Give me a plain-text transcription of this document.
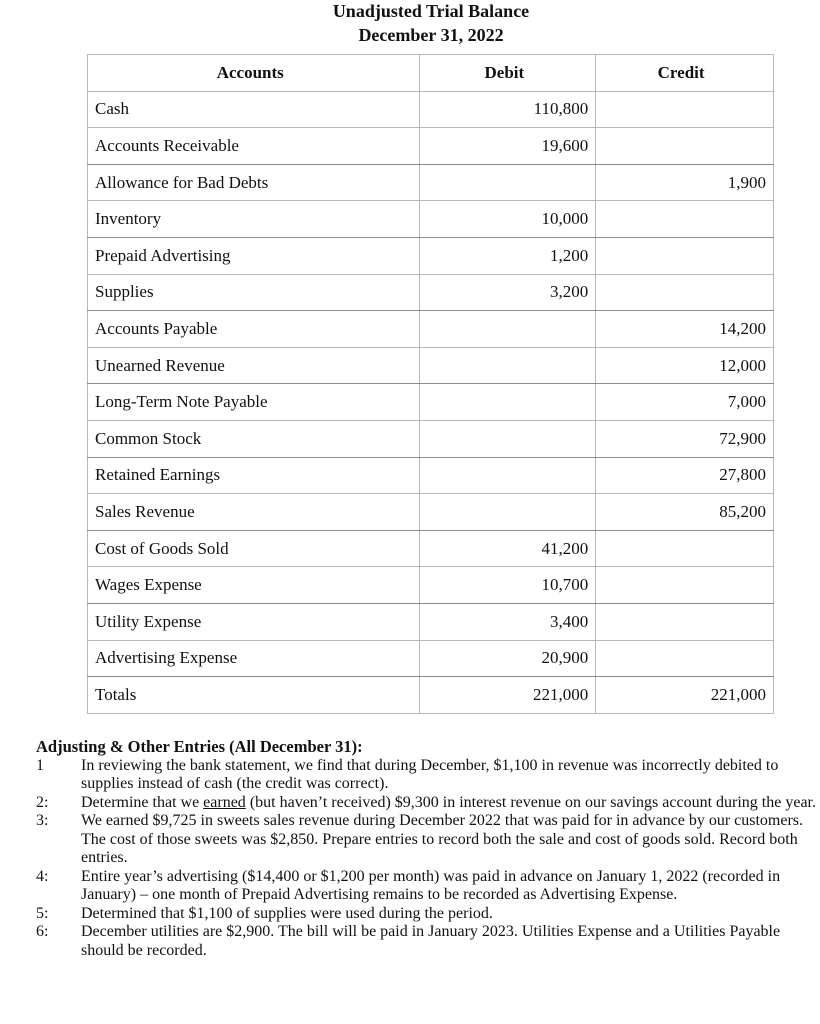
Unadjusted Trial Balance
December 31, 2022
Accounts	Debit	Credit
Cash	110,800	
Accounts Receivable	19,600	
Allowance for Bad Debts		1,900
Inventory	10,000	
Prepaid Advertising	1,200	
Supplies	3,200	
Accounts Payable		14,200
Unearned Revenue		12,000
Long-Term Note Payable		7,000
Common Stock		72,900
Retained Earnings		27,800
Sales Revenue		85,200
Cost of Goods Sold	41,200	
Wages Expense	10,700	
Utility Expense	3,400	
Advertising Expense	20,900	
Totals	221,000	221,000
Adjusting & Other Entries (All December 31):
1	In reviewing the bank statement, we find that during December, $1,100 in revenue was incorrectly debited to supplies instead of cash (the credit was correct).
2:	Determine that we earned (but haven’t received) $9,300 in interest revenue on our savings account during the year.
3:	We earned $9,725 in sweets sales revenue during December 2022 that was paid for in advance by our customers. The cost of those sweets was $2,850. Prepare entries to record both the sale and cost of goods sold. Record both entries.
4:	Entire year’s advertising ($14,400 or $1,200 per month) was paid in advance on January 1, 2022 (recorded in January) – one month of Prepaid Advertising remains to be recorded as Advertising Expense.
5:	Determined that $1,100 of supplies were used during the period.
6:	December utilities are $2,900. The bill will be paid in January 2023. Utilities Expense and a Utilities Payable should be recorded.
